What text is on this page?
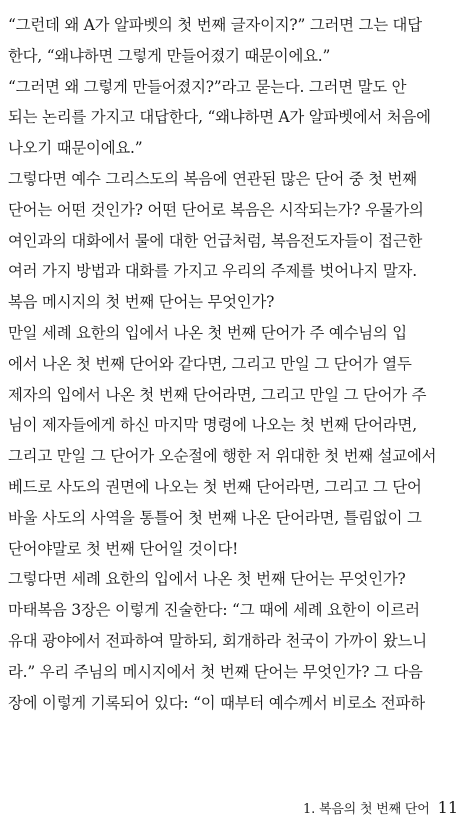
“그런데 왜 A가 알파벳의 첫 번째 글자이지?” 그러면 그는 대답
한다, “왜냐하면 그렇게 만들어졌기 때문이에요.”
“그러면 왜 그렇게 만들어졌지?”라고 묻는다. 그러면 말도 안
되는 논리를 가지고 대답한다, “왜냐하면 A가 알파벳에서 처음에
나오기 때문이에요.”
그렇다면 예수 그리스도의 복음에 연관된 많은 단어 중 첫 번째
단어는 어떤 것인가? 어떤 단어로 복음은 시작되는가? 우물가의
여인과의 대화에서 물에 대한 언급처럼, 복음전도자들이 접근한
여러 가지 방법과 대화를 가지고 우리의 주제를 벗어나지 말자.
복음 메시지의 첫 번째 단어는 무엇인가?
만일 세례 요한의 입에서 나온 첫 번째 단어가 주 예수님의 입
에서 나온 첫 번째 단어와 같다면, 그리고 만일 그 단어가 열두
제자의 입에서 나온 첫 번째 단어라면, 그리고 만일 그 단어가 주
님이 제자들에게 하신 마지막 명령에 나오는 첫 번째 단어라면,
그리고 만일 그 단어가 오순절에 행한 저 위대한 첫 번째 설교에서
베드로 사도의 권면에 나오는 첫 번째 단어라면, 그리고 그 단어
바울 사도의 사역을 통틀어 첫 번째 나온 단어라면, 틀림없이 그
단어야말로 첫 번째 단어일 것이다!
그렇다면 세례 요한의 입에서 나온 첫 번째 단어는 무엇인가?
마태복음 3장은 이렇게 진술한다: “그 때에 세례 요한이 이르러
유대 광야에서 전파하여 말하되, 회개하라 천국이 가까이 왔느니
라.” 우리 주님의 메시지에서 첫 번째 단어는 무엇인가? 그 다음
장에 이렇게 기록되어 있다: “이 때부터 예수께서 비로소 전파하
1. 복음의 첫 번째 단어 11
